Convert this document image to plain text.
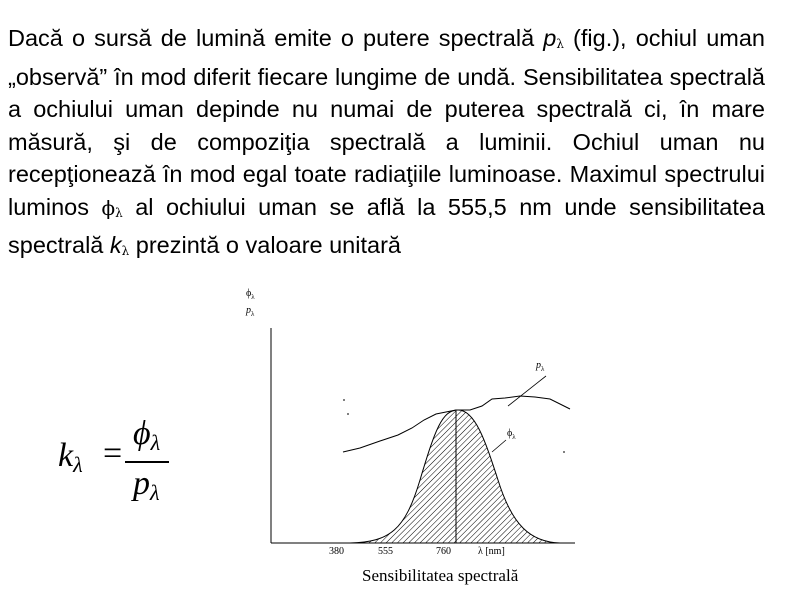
Dacă o sursă de lumină emite o putere spectrală pλ (fig.), ochiul uman „observă” în mod diferit fiecare lungime de undă. Sensibilitatea spectrală a ochiului uman depinde nu numai de puterea spectrală ci, în mare măsură, şi de compoziţia spectrală a luminii. Ochiul uman nu recepţionează în mod egal toate radiaţiile luminoase. Maximul spectrului luminos ϕλ al ochiului uman se află la 555,5 nm unde sensibilitatea spectrală kλ prezintă o valoare unitară

$k_\lambda$ =
$\phi_\lambda$
$p_\lambda$
$\phi_\lambda$
$p_\lambda$
$p_\lambda$
$\phi_\lambda$
380	555	760	λ [nm]
Sensibilitatea spectrală
